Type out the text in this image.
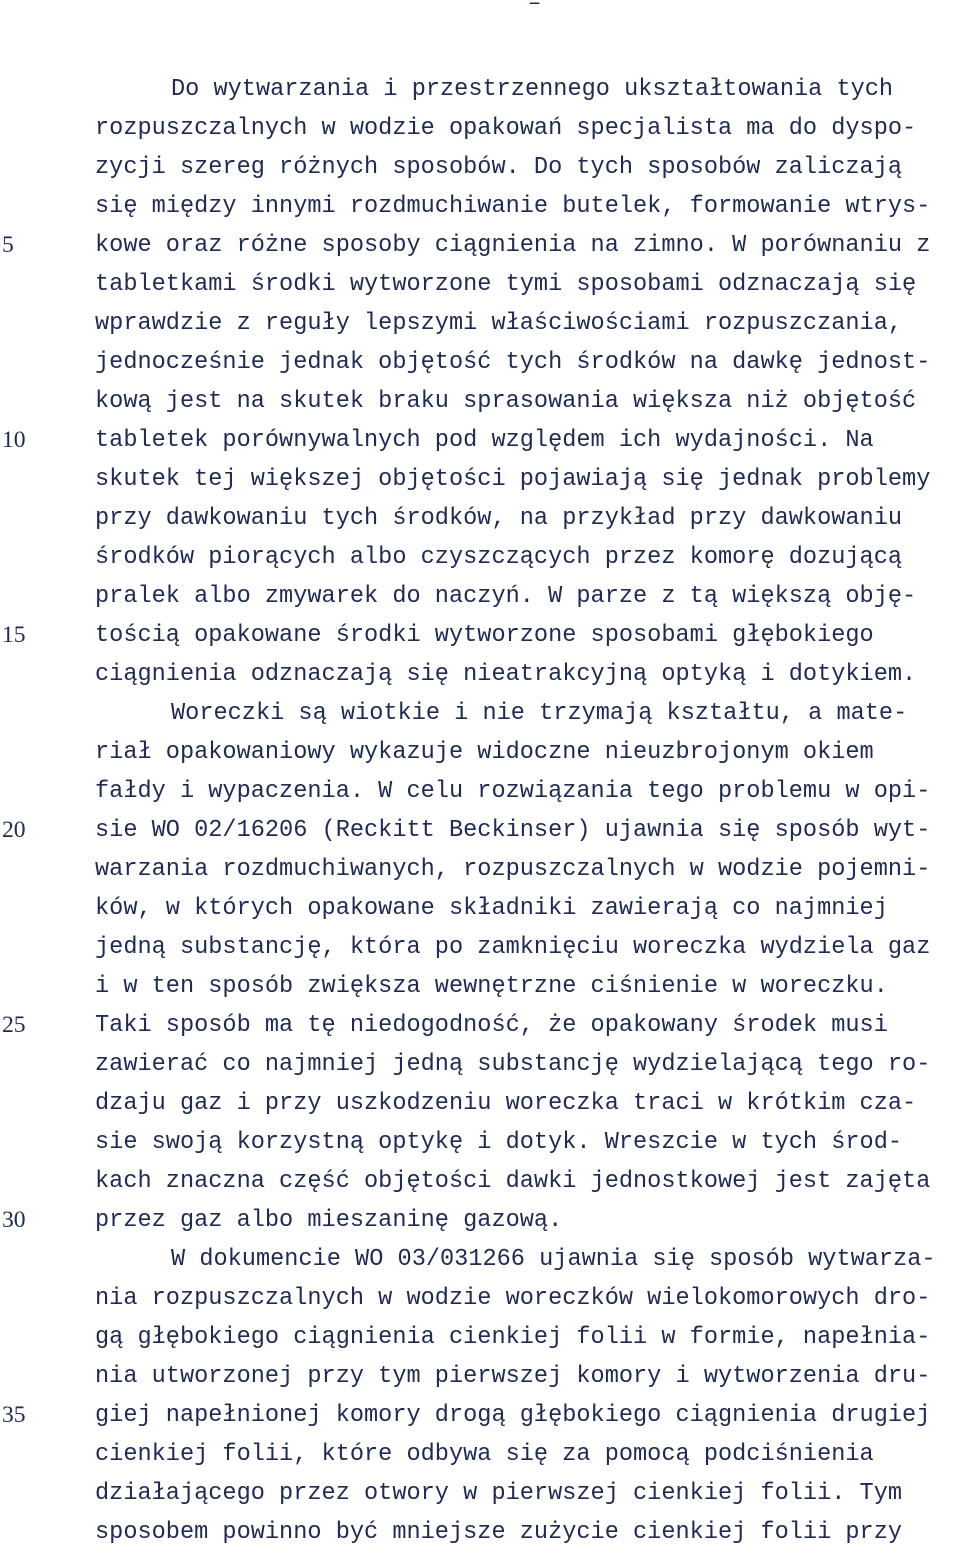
–
5
10
15
20
25
30
35
Do wytwarzania i przestrzennego ukształtowania tych
rozpuszczalnych w wodzie opakowań specjalista ma do dyspo-
zycji szereg różnych sposobów. Do tych sposobów zaliczają
się między innymi rozdmuchiwanie butelek, formowanie wtrys-
kowe oraz różne sposoby ciągnienia na zimno. W porównaniu z
tabletkami środki wytworzone tymi sposobami odznaczają się
wprawdzie z reguły lepszymi właściwościami rozpuszczania,
jednocześnie jednak objętość tych środków na dawkę jednost-
kową jest na skutek braku sprasowania większa niż objętość
tabletek porównywalnych pod względem ich wydajności. Na
skutek tej większej objętości pojawiają się jednak problemy
przy dawkowaniu tych środków, na przykład przy dawkowaniu
środków piorących albo czyszczących przez komorę dozującą
pralek albo zmywarek do naczyń. W parze z tą większą obję-
tością opakowane środki wytworzone sposobami głębokiego
ciągnienia odznaczają się nieatrakcyjną optyką i dotykiem.
Woreczki są wiotkie i nie trzymają kształtu, a mate-
riał opakowaniowy wykazuje widoczne nieuzbrojonym okiem
fałdy i wypaczenia. W celu rozwiązania tego problemu w opi-
sie WO 02/16206 (Reckitt Beckinser) ujawnia się sposób wyt-
warzania rozdmuchiwanych, rozpuszczalnych w wodzie pojemni-
ków, w których opakowane składniki zawierają co najmniej
jedną substancję, która po zamknięciu woreczka wydziela gaz
i w ten sposób zwiększa wewnętrzne ciśnienie w woreczku.
Taki sposób ma tę niedogodność, że opakowany środek musi
zawierać co najmniej jedną substancję wydzielającą tego ro-
dzaju gaz i przy uszkodzeniu woreczka traci w krótkim cza-
sie swoją korzystną optykę i dotyk. Wreszcie w tych środ-
kach znaczna część objętości dawki jednostkowej jest zajęta
przez gaz albo mieszaninę gazową.
W dokumencie WO 03/031266 ujawnia się sposób wytwarza-
nia rozpuszczalnych w wodzie woreczków wielokomorowych dro-
gą głębokiego ciągnienia cienkiej folii w formie, napełnia-
nia utworzonej przy tym pierwszej komory i wytworzenia dru-
giej napełnionej komory drogą głębokiego ciągnienia drugiej
cienkiej folii, które odbywa się za pomocą podciśnienia
działającego przez otwory w pierwszej cienkiej folii. Tym
sposobem powinno być mniejsze zużycie cienkiej folii przy
